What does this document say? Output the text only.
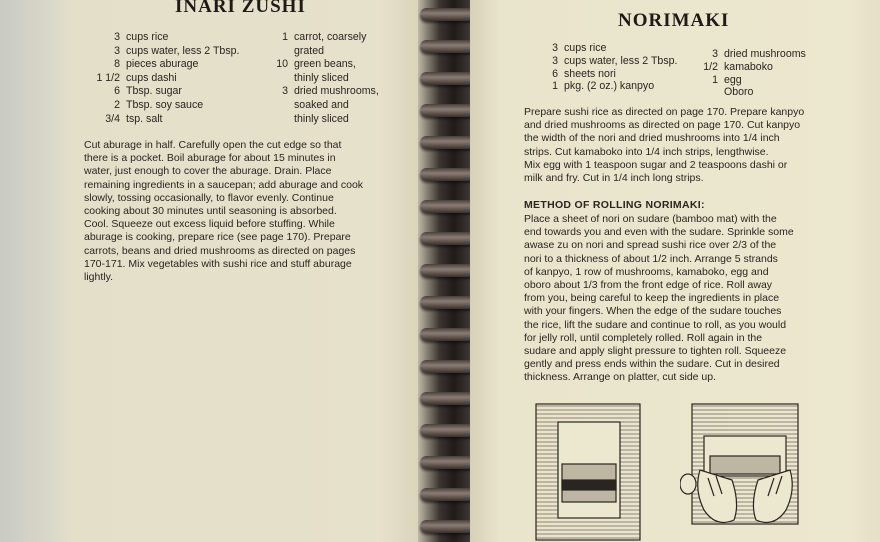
INARI ZUSHI
3 cups rice
3 cups water, less 2 Tbsp.
8 pieces aburage
1 1/2 cups dashi
6 Tbsp. sugar
2 Tbsp. soy sauce
3/4 tsp. salt
1 carrot, coarsely
grated
10 green beans,
thinly sliced
3 dried mushrooms,
soaked and
thinly sliced
Cut aburage in half. Carefully open the cut edge so that
there is a pocket. Boil aburage for about 15 minutes in
water, just enough to cover the aburage. Drain. Place
remaining ingredients in a saucepan; add aburage and cook
slowly, tossing occasionally, to flavor evenly. Continue
cooking about 30 minutes until seasoning is absorbed.
Cool. Squeeze out excess liquid before stuffing. While
aburage is cooking, prepare rice (see page 170). Prepare
carrots, beans and dried mushrooms as directed on pages
170-171. Mix vegetables with sushi rice and stuff aburage
lightly.
NORIMAKI
3 cups rice
3 cups water, less 2 Tbsp.
6 sheets nori
1 pkg. (2 oz.) kanpyo
3 dried mushrooms
1/2 kamaboko
1 egg
Oboro
Prepare sushi rice as directed on page 170. Prepare kanpyo
and dried mushrooms as directed on page 170. Cut kanpyo
the width of the nori and dried mushrooms into 1/4 inch
strips. Cut kamaboko into 1/4 inch strips, lengthwise.
Mix egg with 1 teaspoon sugar and 2 teaspoons dashi or
milk and fry. Cut in 1/4 inch long strips.
METHOD OF ROLLING NORIMAKI:
Place a sheet of nori on sudare (bamboo mat) with the
end towards you and even with the sudare. Sprinkle some
awase zu on nori and spread sushi rice over 2/3 of the
nori to a thickness of about 1/2 inch. Arrange 5 strands
of kanpyo, 1 row of mushrooms, kamaboko, egg and
oboro about 1/3 from the front edge of rice. Roll away
from you, being careful to keep the ingredients in place
with your fingers. When the edge of the sudare touches
the rice, lift the sudare and continue to roll, as you would
for jelly roll, until completely rolled. Roll again in the
sudare and apply slight pressure to tighten roll. Squeeze
gently and press ends within the sudare. Cut in desired
thickness. Arrange on platter, cut side up.
